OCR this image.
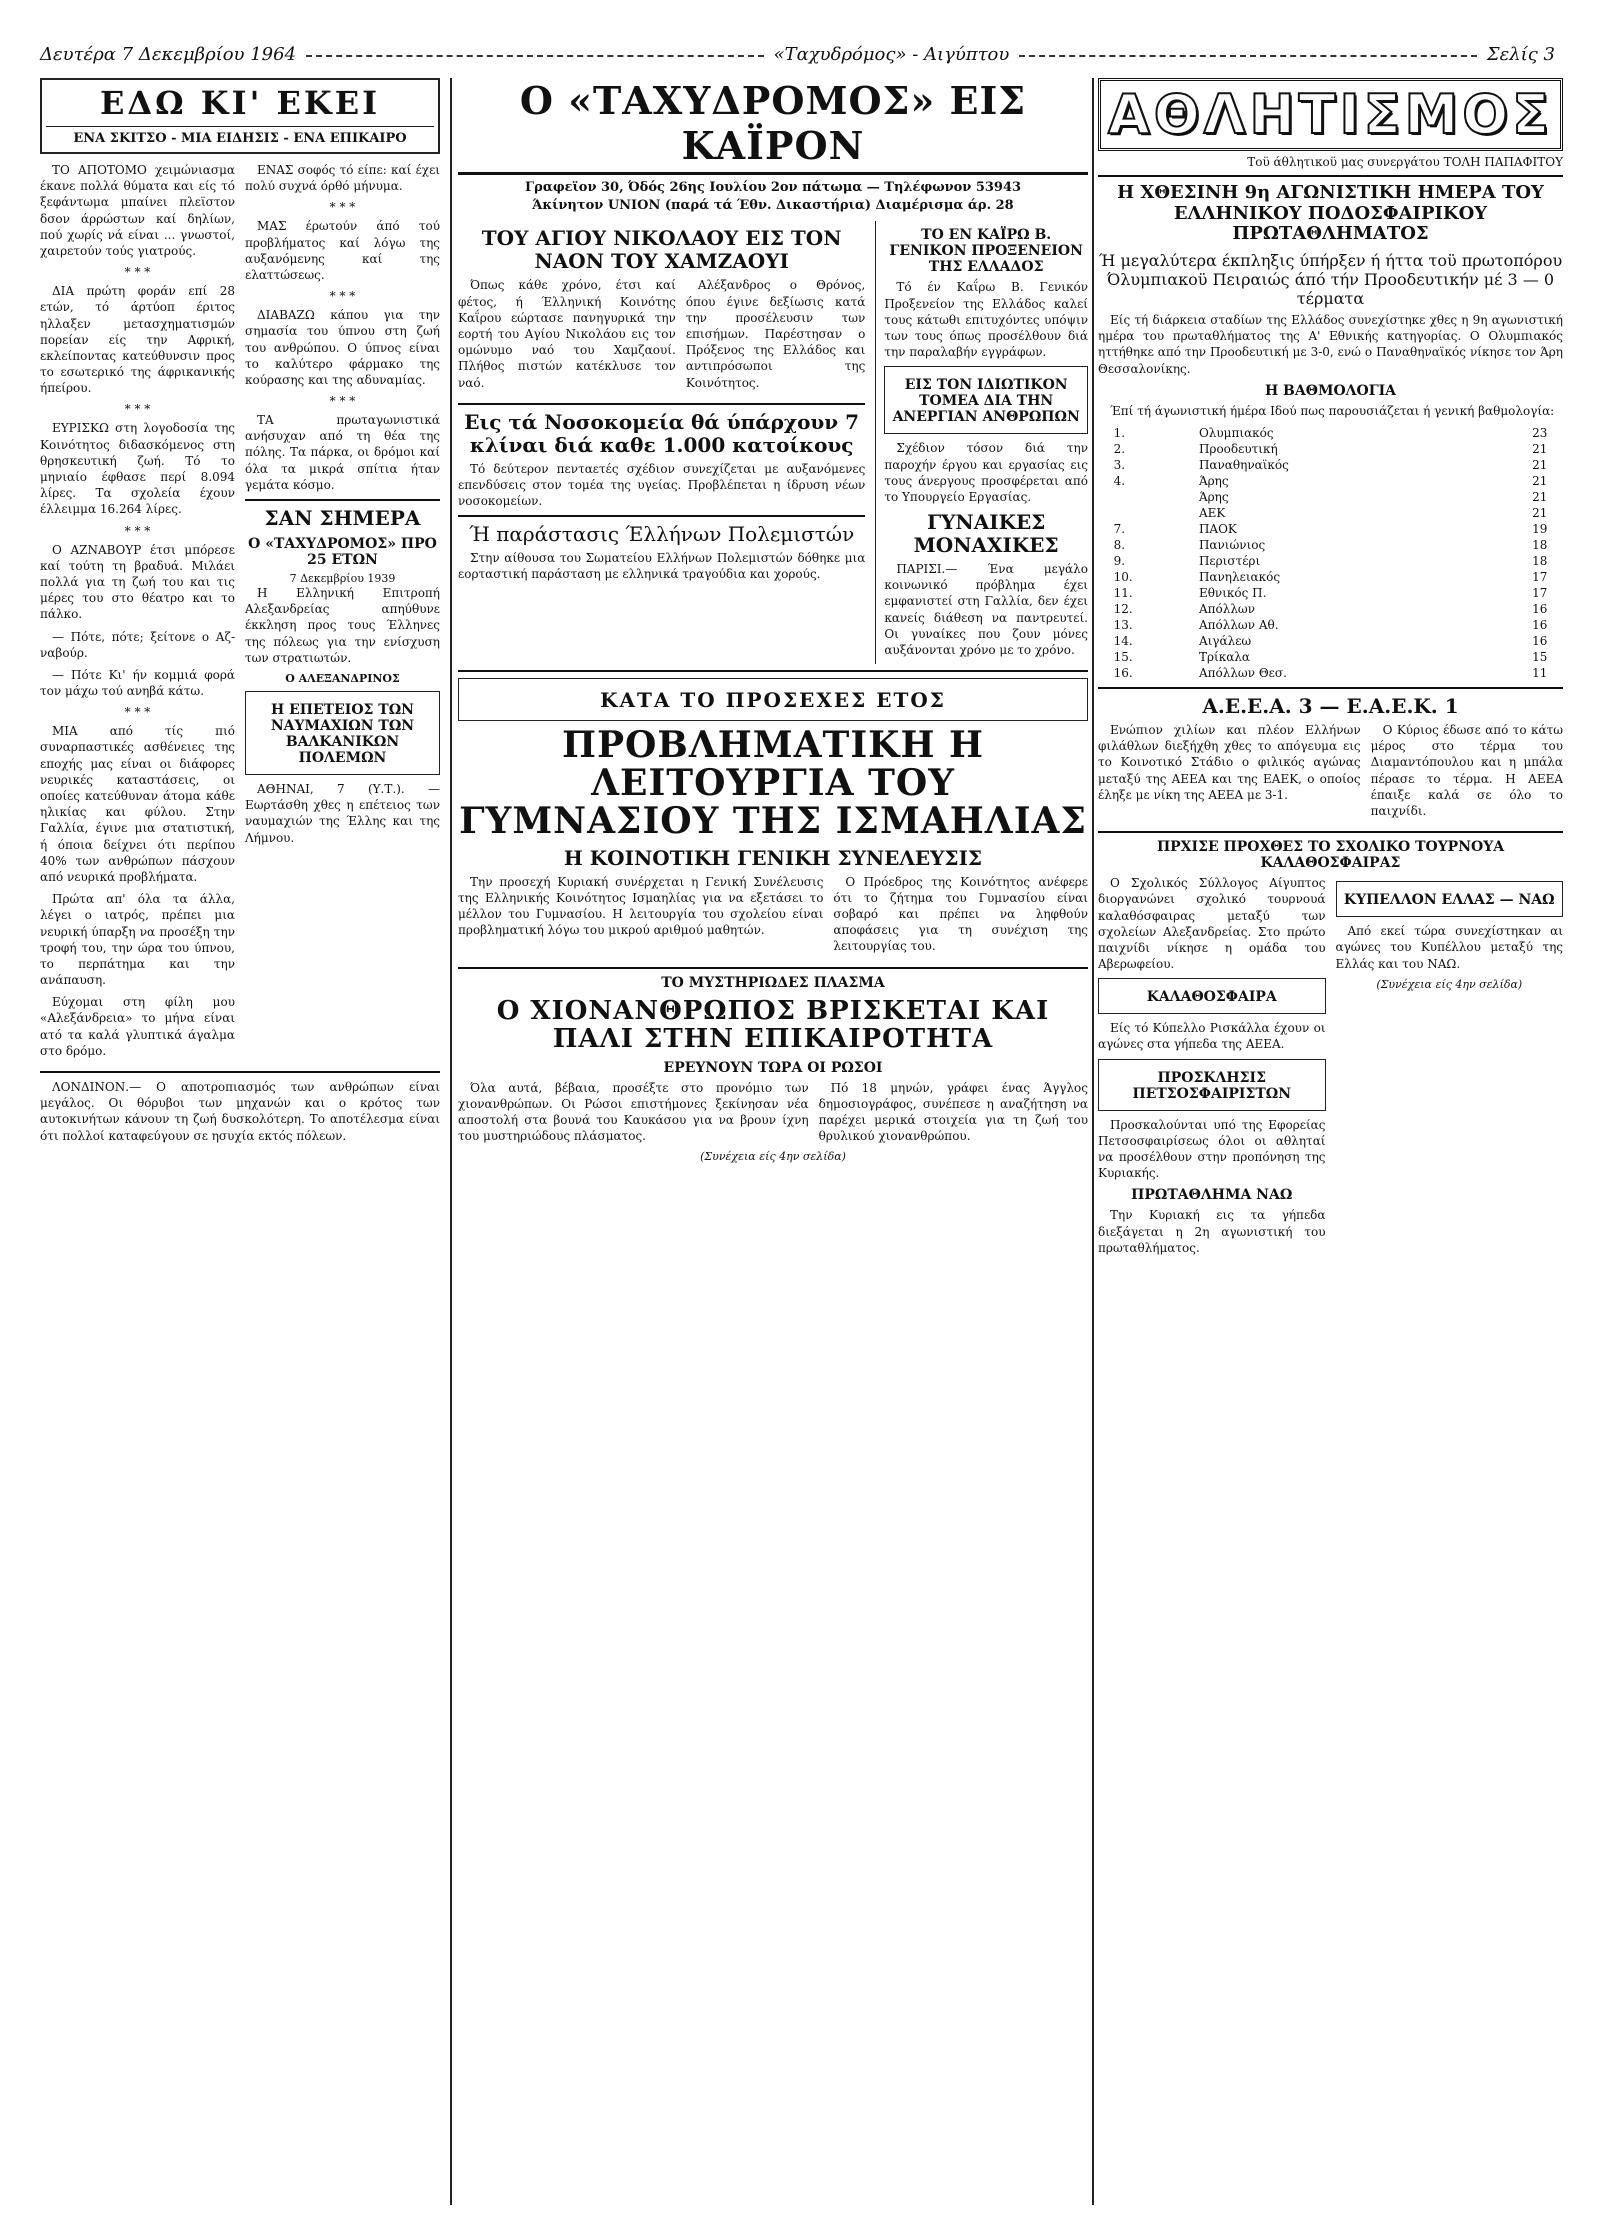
Δευτέρα 7 Δεκεμβρίου 1964	«Ταχυδρόμος» - Αιγύπτου	Σελίς 3
ΕΔΩ ΚΙ' ΕΚΕΙ
ΕΝΑ ΣΚΙΤΣΟ - ΜΙΑ ΕΙΔΗΣΙΣ - ΕΝΑ ΕΠΙΚΑΙΡΟ

ΤΟ ΑΠΟΤΟΜΟ χειμώνιασμα έκανε πολλά θύματα και είς τό ξεφάντωμα μπαίνει πλεϊστον δσον άρρώστων καί δηλίων, πού χωρίς νά είναι ... γνωστοί, χαιρετούν τούς γιατρούς.

* * *

ΔΙΑ πρώτη φοράν επί 28 ετών, τό άρτύοπ έριτος ηλλαξεν μετασχηματισμών πορείαν είς την Αφρική, εκλείποντας κατεύθυνσιν προς το εσωτερικό της άφρικανικής ήπείρου.

* * *

ΕΥΡΙΣΚΩ στη λογοδοσία της Κοινότητος διδασκόμενος στη θρησκευτική ζωή. Τό το μηνιαίο έφθασε περί 8.094 λίρες. Τα σχολεία έχουν έλλειμμα 16.264 λίρες.

* * *

Ο ΑΖΝΑΒΟΥΡ έτσι μπόρεσε καί τούτη τη βραδυά. Μιλάει πολλά για τη ζωή του και τις μέρες του στο θέατρο και το πάλκο.

— Πότε, πότε; ξείτονε ο Αζ-ναβούρ.

— Πότε Κι' ήν κομμιά φορά τον μάχω τού ανηβά κάτω.

* * *

ΜΙΑ από τίς πιό συναρπαστικές ασθένειες της εποχής μας είναι οι διάφορες νευρικές καταστάσεις, οι οποίες κατεύθυναν άτομα κάθε ηλικίας και φύλου. Στην Γαλλία, έγινε μια στατιστική, ή όποια δείχνει ότι περίπου 40% των ανθρώπων πάσχουν από νευρικά προβλήματα.

Πρώτα απ' όλα τα άλλα, λέγει ο ιατρός, πρέπει μια νευρική ύπαρξη να προσέξη την τροφή του, την ώρα του ύπνου, το περπάτημα και την ανάπαυση.

Εύχομαι στη φίλη μου «Αλεξάνδρεια» το μήνα είναι ατό τα καλά γλυπτικά άγαλμα στο δρόμο.

ΕΝΑΣ σοφός τό είπε: καί έχει πολύ συχνά όρθό μήνυμα.

* * *

ΜΑΣ έρωτούν άπό τού προβλήματος καί λόγω της αυξανόμενης καί της ελαττώσεως.

* * *

ΔΙΑΒΑΖΩ κάπου για την σημασία του ύπνου στη ζωή του ανθρώπου. Ο ύπνος είναι το καλύτερο φάρμακο της κούρασης και της αδυναμίας.

* * *

ΤΑ πρωταγωνιστικά ανήσυχαν από τη θέα της πόλης. Τα πάρκα, οι δρόμοι καί όλα τα μικρά σπίτια ήταν γεμάτα κόσμο.

ΣΑΝ ΣΗΜΕΡΑ
Ο «ΤΑΧΥΔΡΟΜΟΣ» ΠΡΟ 25 ΕΤΩΝ
7 Δεκεμβρίου 1939

Η Ελληνική Επιτροπή Αλεξανδρείας απηύθυνε έκκληση προς τους Έλληνες της πόλεως για την ενίσχυση των στρατιωτών.

Ο ΑΛΕΞΑΝΔΡΙΝΟΣ
Η ΕΠΕΤΕΙΟΣ ΤΩΝ ΝΑΥΜΑΧΙΩΝ ΤΩΝ ΒΑΛΚΑΝΙΚΩΝ ΠΟΛΕΜΩΝ

ΑΘΗΝΑΙ, 7 (Υ.Τ.). — Εωρτάσθη χθες η επέτειος των ναυμαχιών της Έλλης και της Λήμνου.

ΛΟΝΔΙΝΟΝ.— Ο αποτροπιασμός των ανθρώπων είναι μεγάλος. Οι θόρυβοι των μηχανών και ο κρότος των αυτοκινήτων κάνουν τη ζωή δυσκολότερη. Το αποτέλεσμα είναι ότι πολλοί καταφεύγουν σε ησυχία εκτός πόλεων.

Ο «ΤΑΧΥΔΡΟΜΟΣ» ΕΙΣ ΚΑΪΡΟΝ
Γραφεϊον 30, Όδός 26ης Ιουλίου 2ον πάτωμα — Τηλέφωνον 53943
Άκίνητον UNION (παρά τά Έθν. Δικαστήρια) Διαμέρισμα άρ. 28
ΤΟΥ ΑΓΙΟΥ ΝΙΚΟΛΑΟΥ ΕΙΣ ΤΟΝ ΝΑΟΝ ΤΟΥ ΧΑΜΖΑΟΥΙ

Όπως κάθε χρόνο, έτσι καί φέτος, ή Έλληνική Κοινότης Καΐρου εώρτασε πανηγυρικά την εορτή του Αγίου Νικολάου εις τον ομώνυμο ναό του Χαμζαουί. Πλήθος πιστών κατέκλυσε τον ναό.

Αλέξανδρος ο Θρόνος, όπου έγινε δεξίωσις κατά την προσέλευσιν των επισήμων. Παρέστησαν ο Πρόξενος της Ελλάδος και αντιπρόσωποι της Κοινότητος.

Εις τά Νοσοκομεία θά ύπάρχουν 7 κλίναι διά καθε 1.000 κατοίκους

Τό δεύτερον πενταετές σχέδιον συνεχίζεται με αυξανόμενες επενδύσεις στον τομέα της υγείας. Προβλέπεται η ίδρυση νέων νοσοκομείων.

Ή παράστασις Έλλήνων Πολεμιστών

Στην αίθουσα του Σωματείου Ελλήνων Πολεμιστών δόθηκε μια εορταστική παράσταση με ελληνικά τραγούδια και χορούς.

ΤΟ ΕΝ ΚΑΪΡΩ Β. ΓΕΝΙΚΟΝ ΠΡΟΞΕΝΕΙΟΝ ΤΗΣ ΕΛΛΑΔΟΣ

Τό έν Καΐρω Β. Γενικόν Προξενείον της Ελλάδος καλεί τους κάτωθι επιτυχόντες υπόψιν των τους όπως προσέλθουν διά την παραλαβήν εγγράφων.

ΕΙΣ ΤΟΝ ΙΔΙΩΤΙΚΟΝ ΤΟΜΕΑ ΔΙΑ ΤΗΝ ΑΝΕΡΓΙΑΝ ΑΝΘΡΩΠΩΝ

Σχέδιον τόσον διά την παροχήν έργου και εργασίας εις τους άνεργους προσφέρεται από το Υπουργείο Εργασίας.

ΓΥΝΑΙΚΕΣ ΜΟΝΑΧΙΚΕΣ

ΠΑΡΙΣΙ.— Ένα μεγάλο κοινωνικό πρόβλημα έχει εμφανιστεί στη Γαλλία, δεν έχει κανείς διάθεση να παντρευτεί. Οι γυναίκες που ζουν μόνες αυξάνονται χρόνο με το χρόνο.

ΚΑΤΑ ΤΟ ΠΡΟΣΕΧΕΣ ΕΤΟΣ
ΠΡΟΒΛΗΜΑΤΙΚΗ Η ΛΕΙΤΟΥΡΓΙΑ ΤΟΥ ΓΥΜΝΑΣΙΟΥ ΤΗΣ ΙΣΜΑΗΛΙΑΣ
Η ΚΟΙΝΟΤΙΚΗ ΓΕΝΙΚΗ ΣΥΝΕΛΕΥΣΙΣ

Την προσεχή Κυριακή συνέρχεται η Γενική Συνέλευσις της Ελληνικής Κοινότητος Ισμαηλίας για να εξετάσει το μέλλον του Γυμνασίου. Η λειτουργία του σχολείου είναι προβληματική λόγω του μικρού αριθμού μαθητών.

Ο Πρόεδρος της Κοινότητος ανέφερε ότι το ζήτημα του Γυμνασίου είναι σοβαρό και πρέπει να ληφθούν αποφάσεις για τη συνέχιση της λειτουργίας του.

ΤΟ ΜΥΣΤΗΡΙΩΔΕΣ ΠΛΑΣΜΑ
Ο ΧΙΟΝΑΝΘΡΩΠΟΣ ΒΡΙΣΚΕΤΑΙ ΚΑΙ ΠΑΛΙ ΣΤΗΝ ΕΠΙΚΑΙΡΟΤΗΤΑ
ΕΡΕΥΝΟΥΝ ΤΩΡΑ ΟΙ ΡΩΣΟΙ

Όλα αυτά, βέβαια, προσέξτε στο προνόμιο των χιονανθρώπων. Οι Ρώσοι επιστήμονες ξεκίνησαν νέα αποστολή στα βουνά του Καυκάσου για να βρουν ίχνη του μυστηριώδους πλάσματος.

Πό 18 μηνών, γράφει ένας Άγγλος δημοσιογράφος, συνέπεσε η αναζήτηση να παρέχει μερικά στοιχεία για τη ζωή του θρυλικού χιονανθρώπου.

(Συνέχεια είς 4ην σελίδα)
ΑΘΛΗΤΙΣΜΟΣ
Τοϋ άθλητικοϋ μας συνεργάτου ΤΟΛΗ ΠΑΠΑΦΙΤΟΥ
Η ΧΘΕΣΙΝΗ 9η ΑΓΩΝΙΣΤΙΚΗ ΗΜΕΡΑ ΤΟΥ ΕΛΛΗΝΙΚΟΥ ΠΟΔΟΣΦΑΙΡΙΚΟΥ ΠΡΩΤΑΘΛΗΜΑΤΟΣ
Ή μεγαλύτερα έκπληξις ύπήρξεν ή ήττα τοϋ πρωτοπόρου Όλυμπιακοϋ Πειραιώς άπό τήν Προοδευτικήν μέ 3 — 0 τέρματα

Είς τή διάρκεια σταδίων της Ελλάδος συνεχίστηκε χθες η 9η αγωνιστική ημέρα του πρωταθλήματος της Α' Εθνικής κατηγορίας. Ο Ολυμπιακός ηττήθηκε από την Προοδευτική με 3-0, ενώ ο Παναθηναϊκός νίκησε τον Άρη Θεσσαλονίκης.

Η ΒΑΘΜΟΛΟΓΙΑ

Έπί τή άγωνιστική ήμέρα Ιδού πως παρουσιάζεται ή γενική βαθμολογία:

1.	Ολυμπιακός	23
2.	Προοδευτική	21
3.	Παναθηναϊκός	21
4.	Άρης	21
	Άρης	21
	ΑΕΚ	21
7.	ΠΑΟΚ	19
8.	Πανιώνιος	18
9.	Περιστέρι	18
10.	Πανηλειακός	17
11.	Εθνικός Π.	17
12.	Απόλλων	16
13.	Απόλλων Αθ.	16
14.	Αιγάλεω	16
15.	Τρίκαλα	15
16.	Απόλλων Θεσ.	11
Α.Ε.Ε.Α. 3 — Ε.Α.Ε.Κ. 1

Ενώπιον χιλίων και πλέον Ελλήνων φιλάθλων διεξήχθη χθες το απόγευμα εις το Κοινοτικό Στάδιο ο φιλικός αγώνας μεταξύ της ΑΕΕΑ και της ΕΑΕΚ, ο οποίος έληξε με νίκη της ΑΕΕΑ με 3-1.

Ο Κύριος έδωσε από το κάτω μέρος στο τέρμα του Διαμαντόπουλου και η μπάλα πέρασε το τέρμα. Η ΑΕΕΑ έπαιξε καλά σε όλο το παιχνίδι.

ΠΡΧΙΣΕ ΠΡΟΧΘΕΣ ΤΟ ΣΧΟΛΙΚΟ ΤΟΥΡΝΟΥΑ ΚΑΛΑΘΟΣΦΑΙΡΑΣ

Ο Σχολικός Σύλλογος Αίγυπτος διοργανώνει σχολικό τουρνουά καλαθόσφαιρας μεταξύ των σχολείων Αλεξανδρείας. Στο πρώτο παιχνίδι νίκησε η ομάδα του Αβερωφείου.

ΚΑΛΑΘΟΣΦΑΙΡΑ

Είς τό Κύπελλο Ρισκάλλα έχουν οι αγώνες στα γήπεδα της ΑΕΕΑ.

ΠΡΟΣΚΛΗΣΙΣ ΠΕΤΣΟΣΦΑΙΡΙΣΤΩΝ

Προσκαλούνται υπό της Εφορείας Πετσοσφαιρίσεως όλοι οι αθληταί να προσέλθουν στην προπόνηση της Κυριακής.

ΠΡΩΤΑΘΛΗΜΑ ΝΑΩ

Την Κυριακή εις τα γήπεδα διεξάγεται η 2η αγωνιστική του πρωταθλήματος.

ΚΥΠΕΛΛΟΝ ΕΛΛΑΣ — ΝΑΩ

Από εκεί τώρα συνεχίστηκαν αι αγώνες του Κυπέλλου μεταξύ της Ελλάς και του ΝΑΩ.

(Συνέχεια είς 4ην σελίδα)
